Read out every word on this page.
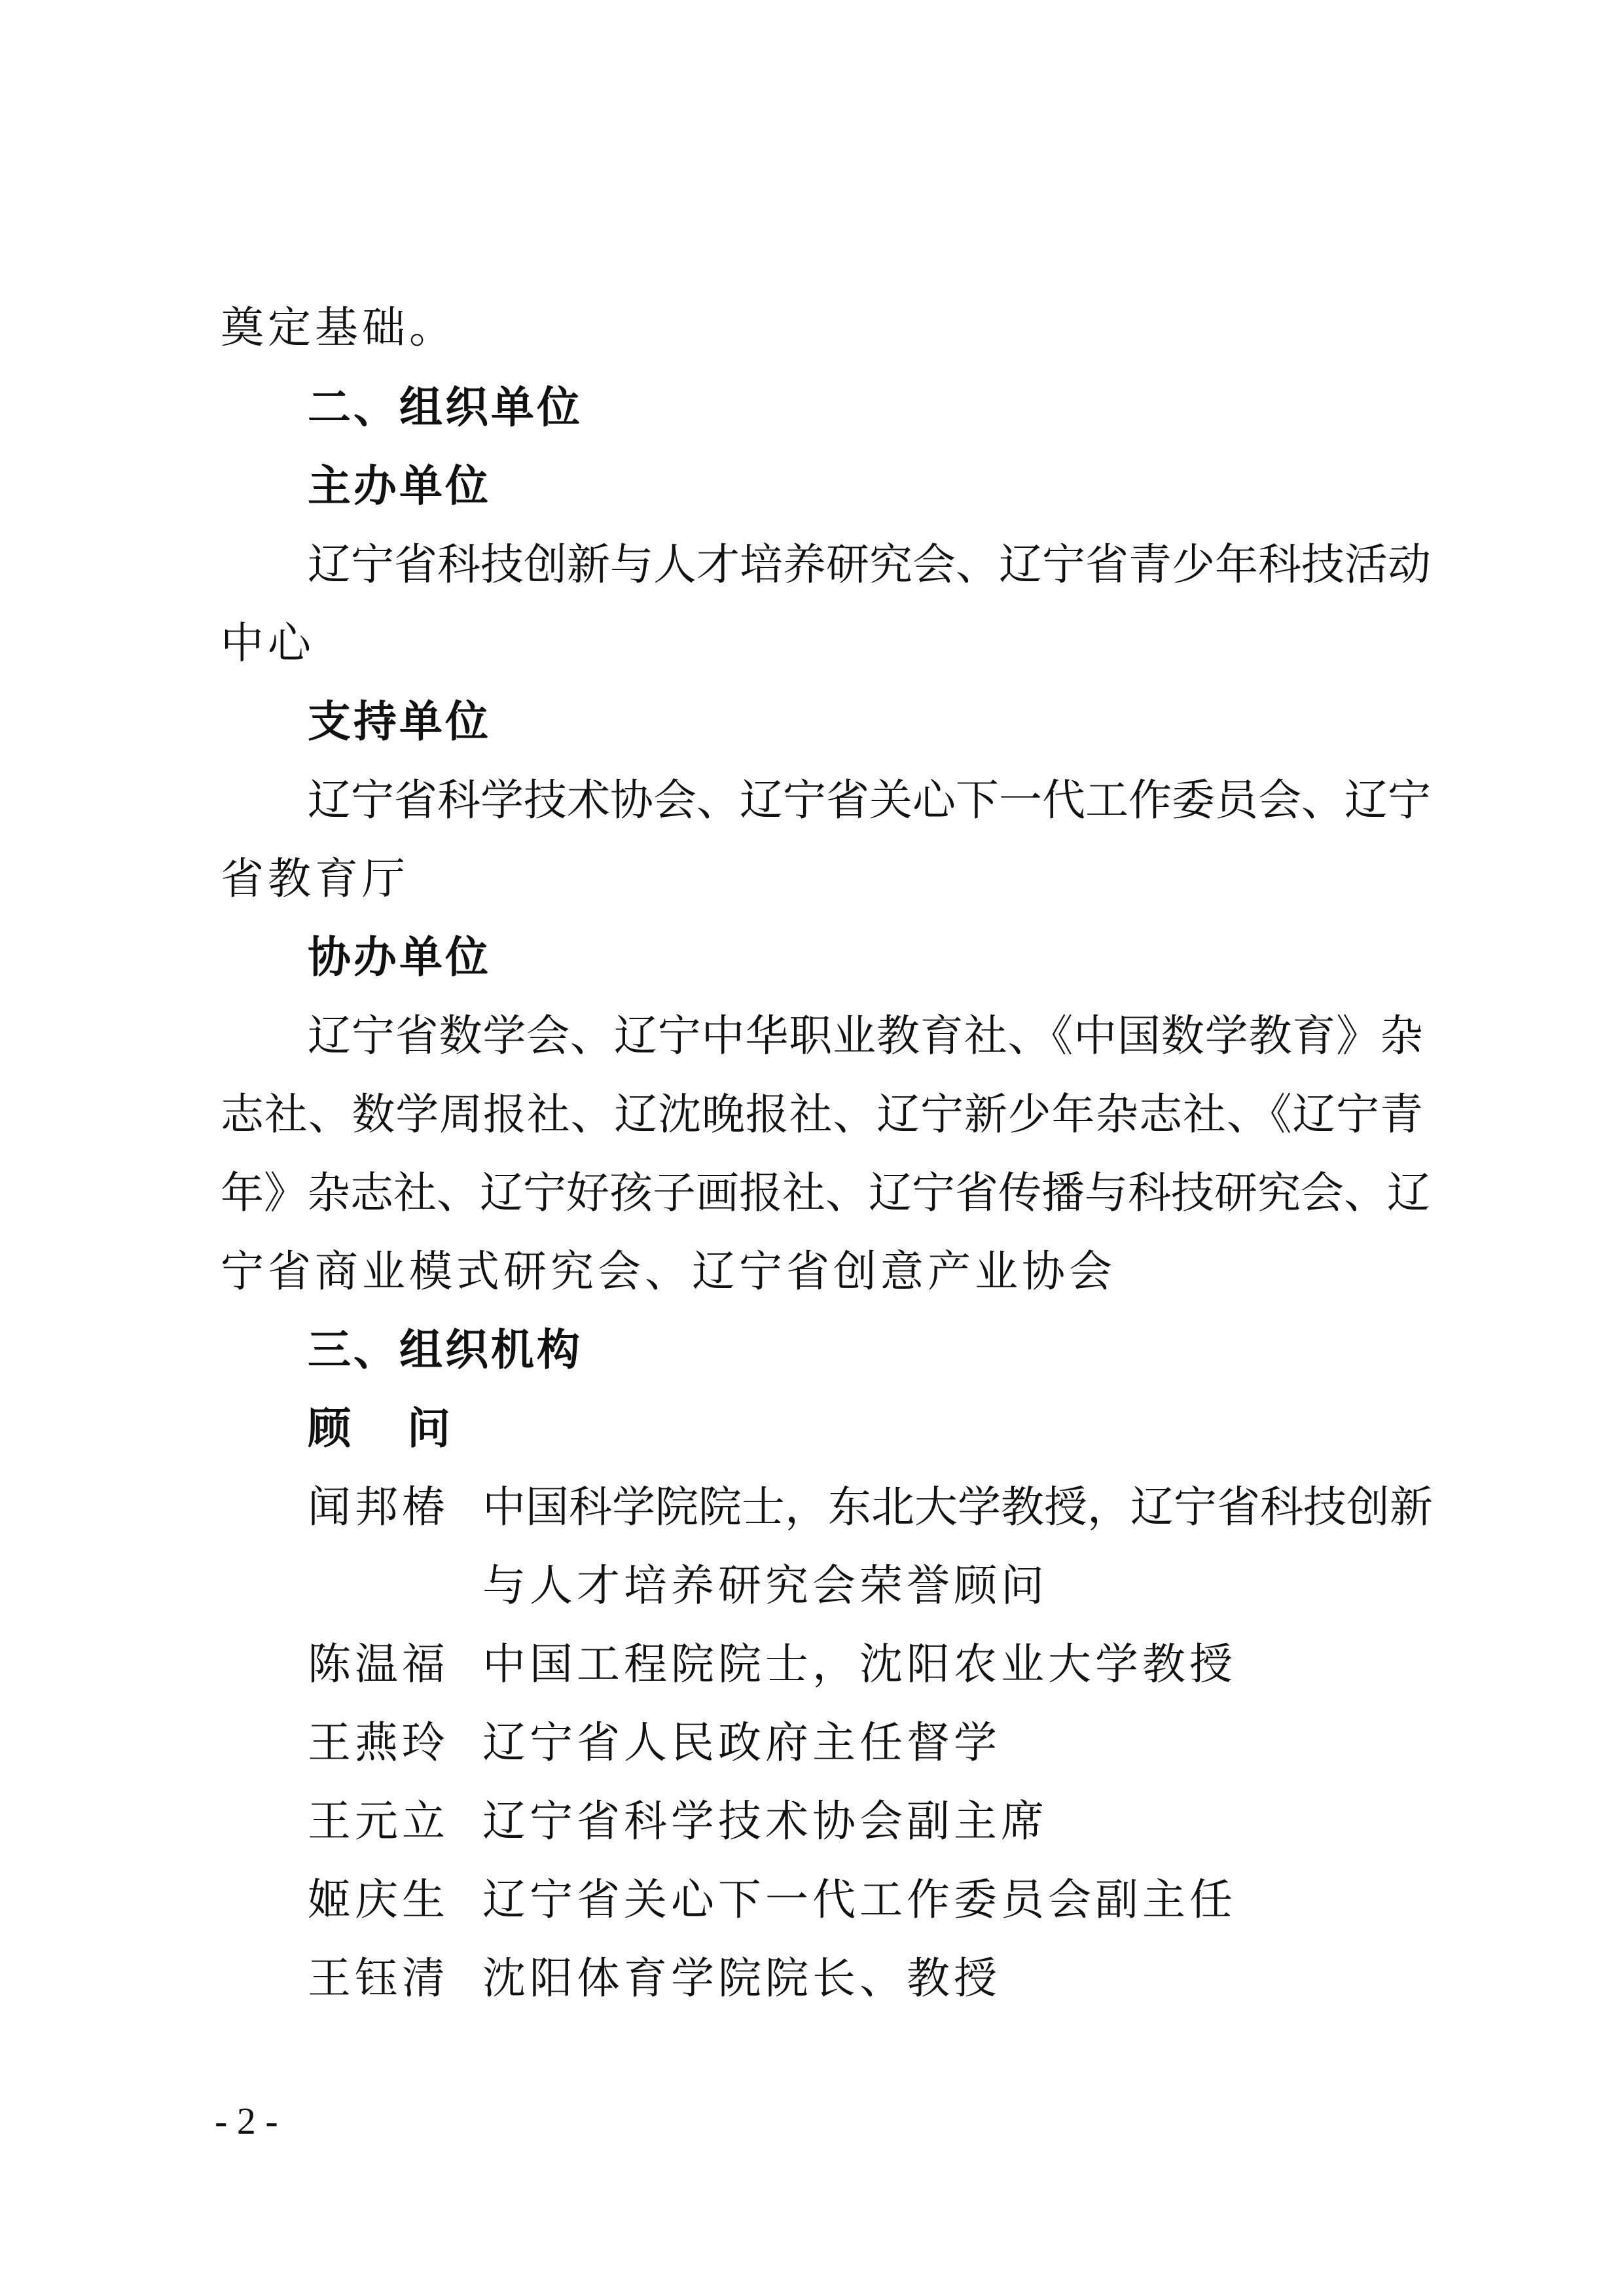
奠定基础。
二、组织单位
主办单位
辽宁省科技创新与人才培养研究会、辽宁省青少年科技活动
中心
支持单位
辽宁省科学技术协会、辽宁省关心下一代工作委员会、辽宁
省教育厅
协办单位
辽宁省数学会、辽宁中华职业教育社、《中国数学教育》杂
志社、数学周报社、辽沈晚报社、辽宁新少年杂志社、《辽宁青
年》杂志社、辽宁好孩子画报社、辽宁省传播与科技研究会、辽
宁省商业模式研究会、辽宁省创意产业协会
三、组织机构
顾　问
闻邦椿 中国科学院院士，东北大学教授，辽宁省科技创新
与人才培养研究会荣誉顾问
陈温福 中国工程院院士，沈阳农业大学教授
王燕玲 辽宁省人民政府主任督学
王元立 辽宁省科学技术协会副主席
姬庆生 辽宁省关心下一代工作委员会副主任
王钰清 沈阳体育学院院长、教授
- 2 -
